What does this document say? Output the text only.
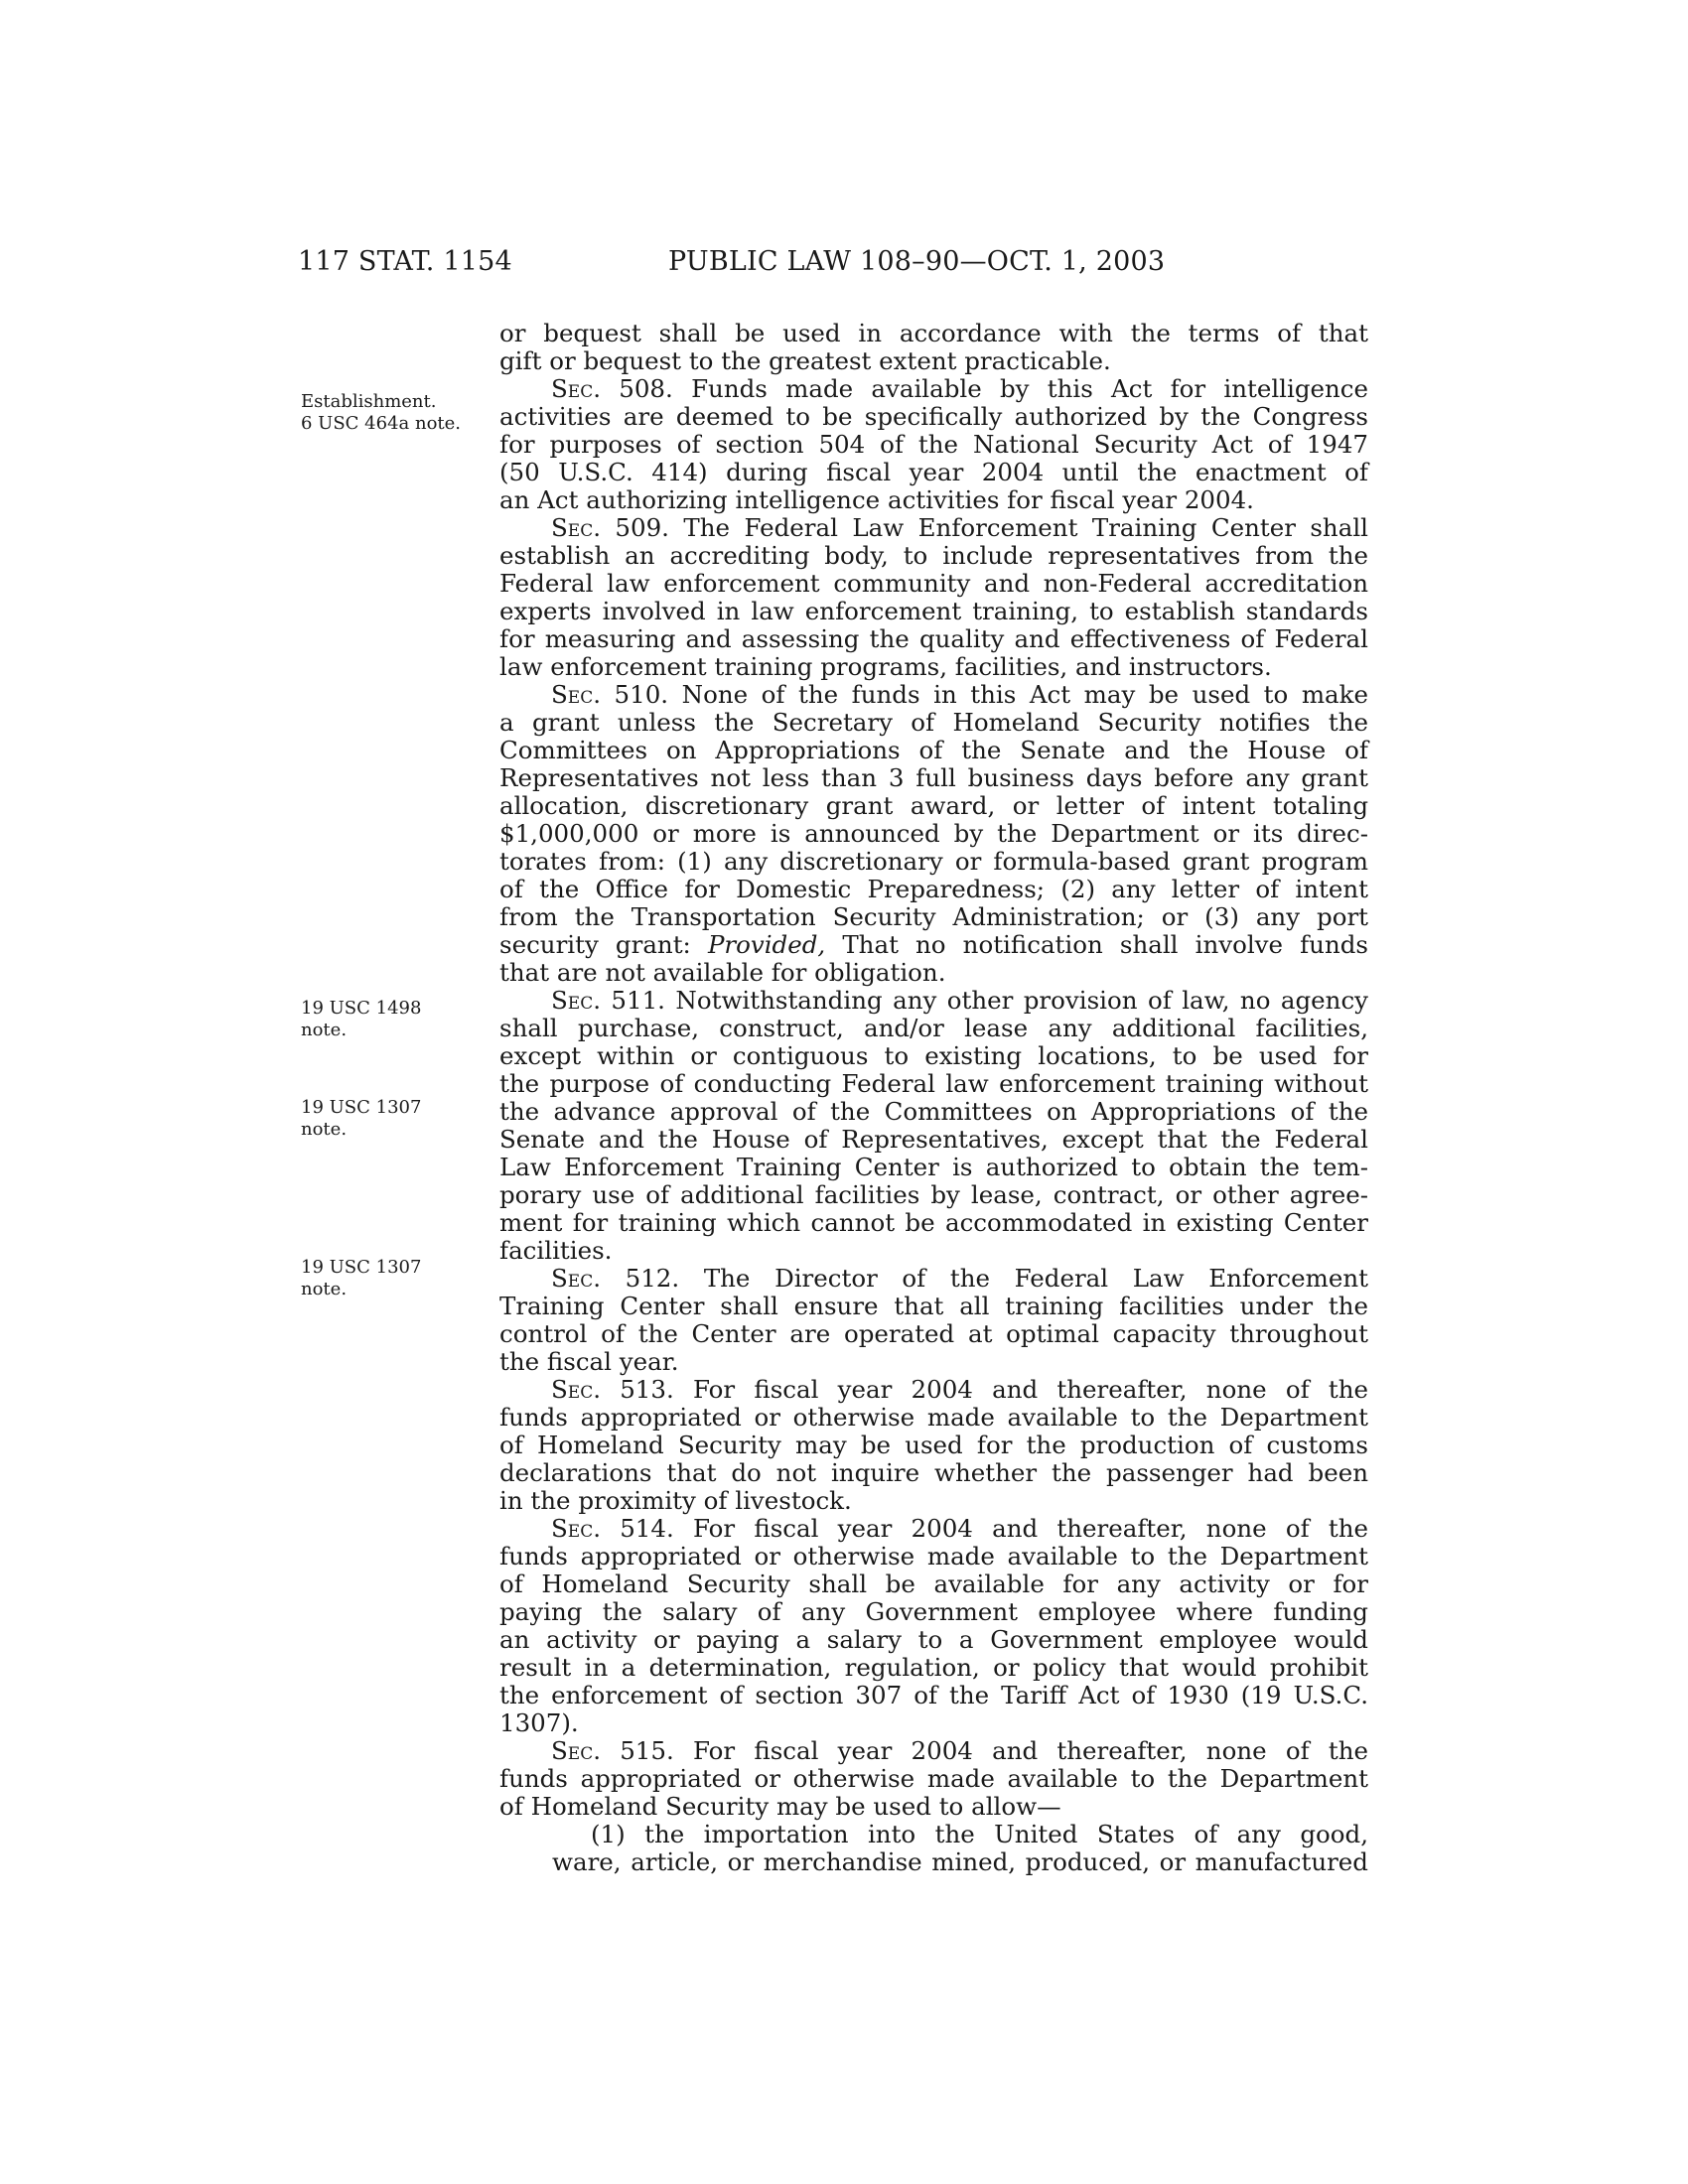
117 STAT. 1154	PUBLIC LAW 108–90—OCT. 1, 2003
Establishment.
6 USC 464a note.
19 USC 1498
note.
19 USC 1307
note.
19 USC 1307
note.
or bequest shall be used in accordance with the terms of that
gift or bequest to the greatest extent practicable.
Sec. 508. Funds made available by this Act for intelligence
activities are deemed to be specifically authorized by the Congress
for purposes of section 504 of the National Security Act of 1947
(50 U.S.C. 414) during fiscal year 2004 until the enactment of
an Act authorizing intelligence activities for fiscal year 2004.
Sec. 509. The Federal Law Enforcement Training Center shall
establish an accrediting body, to include representatives from the
Federal law enforcement community and non-Federal accreditation
experts involved in law enforcement training, to establish standards
for measuring and assessing the quality and effectiveness of Federal
law enforcement training programs, facilities, and instructors.
Sec. 510. None of the funds in this Act may be used to make
a grant unless the Secretary of Homeland Security notifies the
Committees on Appropriations of the Senate and the House of
Representatives not less than 3 full business days before any grant
allocation, discretionary grant award, or letter of intent totaling
$1,000,000 or more is announced by the Department or its direc-
torates from: (1) any discretionary or formula-based grant program
of the Office for Domestic Preparedness; (2) any letter of intent
from the Transportation Security Administration; or (3) any port
security grant: Provided, That no notification shall involve funds
that are not available for obligation.
Sec. 511. Notwithstanding any other provision of law, no agency
shall purchase, construct, and/or lease any additional facilities,
except within or contiguous to existing locations, to be used for
the purpose of conducting Federal law enforcement training without
the advance approval of the Committees on Appropriations of the
Senate and the House of Representatives, except that the Federal
Law Enforcement Training Center is authorized to obtain the tem-
porary use of additional facilities by lease, contract, or other agree-
ment for training which cannot be accommodated in existing Center
facilities.
Sec. 512. The Director of the Federal Law Enforcement
Training Center shall ensure that all training facilities under the
control of the Center are operated at optimal capacity throughout
the fiscal year.
Sec. 513. For fiscal year 2004 and thereafter, none of the
funds appropriated or otherwise made available to the Department
of Homeland Security may be used for the production of customs
declarations that do not inquire whether the passenger had been
in the proximity of livestock.
Sec. 514. For fiscal year 2004 and thereafter, none of the
funds appropriated or otherwise made available to the Department
of Homeland Security shall be available for any activity or for
paying the salary of any Government employee where funding
an activity or paying a salary to a Government employee would
result in a determination, regulation, or policy that would prohibit
the enforcement of section 307 of the Tariff Act of 1930 (19 U.S.C.
1307).
Sec. 515. For fiscal year 2004 and thereafter, none of the
funds appropriated or otherwise made available to the Department
of Homeland Security may be used to allow—
(1) the importation into the United States of any good,
ware, article, or merchandise mined, produced, or manufactured
